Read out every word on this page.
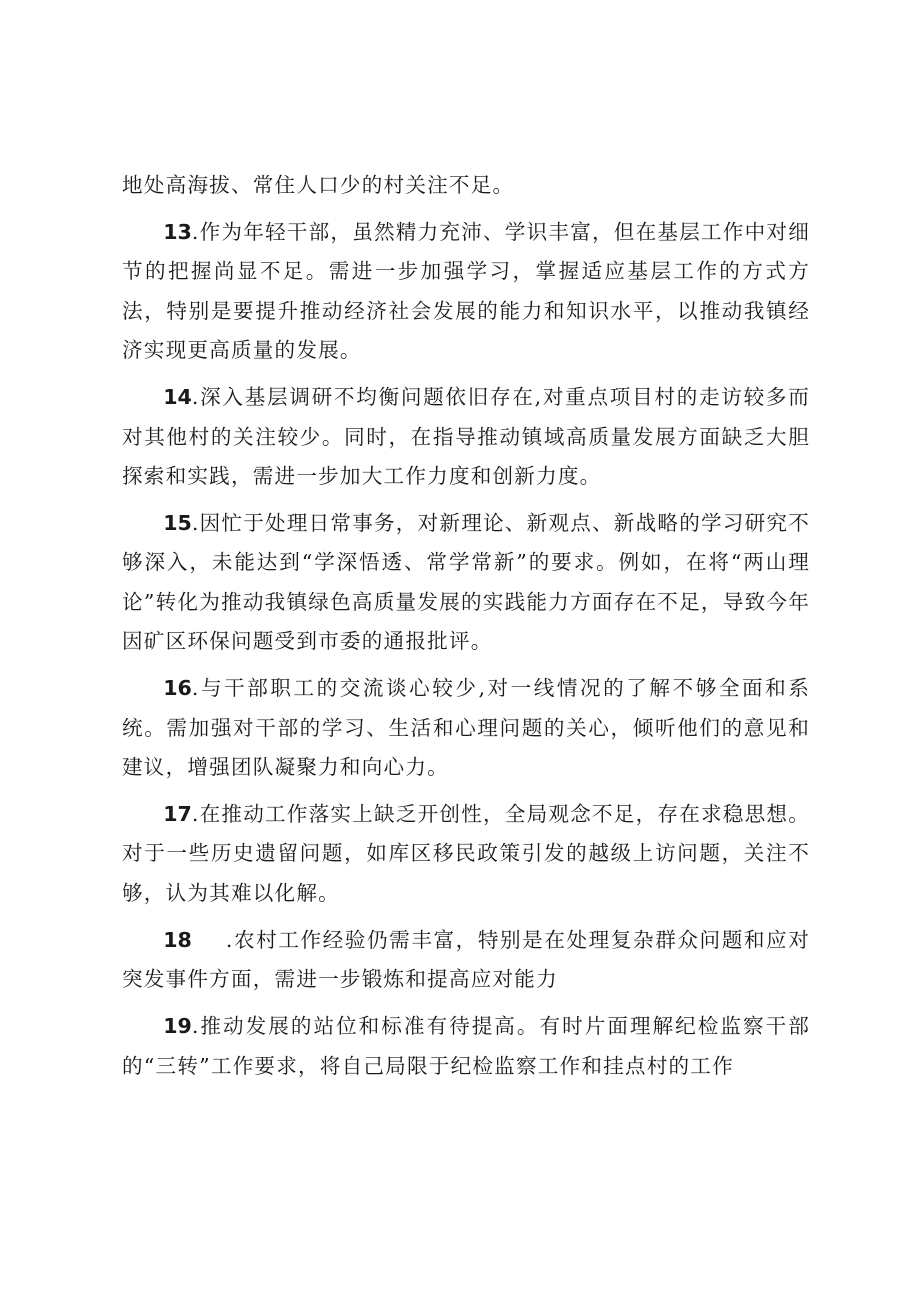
地处高海拔、常住人口少的村关注不足。

13.作为年轻干部，虽然精力充沛、学识丰富，但在基层工作中对细节的把握尚显不足。需进一步加强学习，掌握适应基层工作的方式方法，特别是要提升推动经济社会发展的能力和知识水平，以推动我镇经济实现更高质量的发展。

14.深入基层调研不均衡问题依旧存在,对重点项目村的走访较多而对其他村的关注较少。同时，在指导推动镇域高质量发展方面缺乏大胆探索和实践，需进一步加大工作力度和创新力度。

15.因忙于处理日常事务，对新理论、新观点、新战略的学习研究不够深入，未能达到“学深悟透、常学常新”的要求。例如，在将“两山理论”转化为推动我镇绿色高质量发展的实践能力方面存在不足，导致今年因矿区环保问题受到市委的通报批评。

16.与干部职工的交流谈心较少,对一线情况的了解不够全面和系统。需加强对干部的学习、生活和心理问题的关心，倾听他们的意见和建议，增强团队凝聚力和向心力。

17.在推动工作落实上缺乏开创性，全局观念不足，存在求稳思想。对于一些历史遗留问题，如库区移民政策引发的越级上访问题，关注不够，认为其难以化解。

18 .农村工作经验仍需丰富，特别是在处理复杂群众问题和应对突发事件方面，需进一步锻炼和提高应对能力

19.推动发展的站位和标准有待提高。有时片面理解纪检监察干部的“三转”工作要求，将自己局限于纪检监察工作和挂点村的工作
